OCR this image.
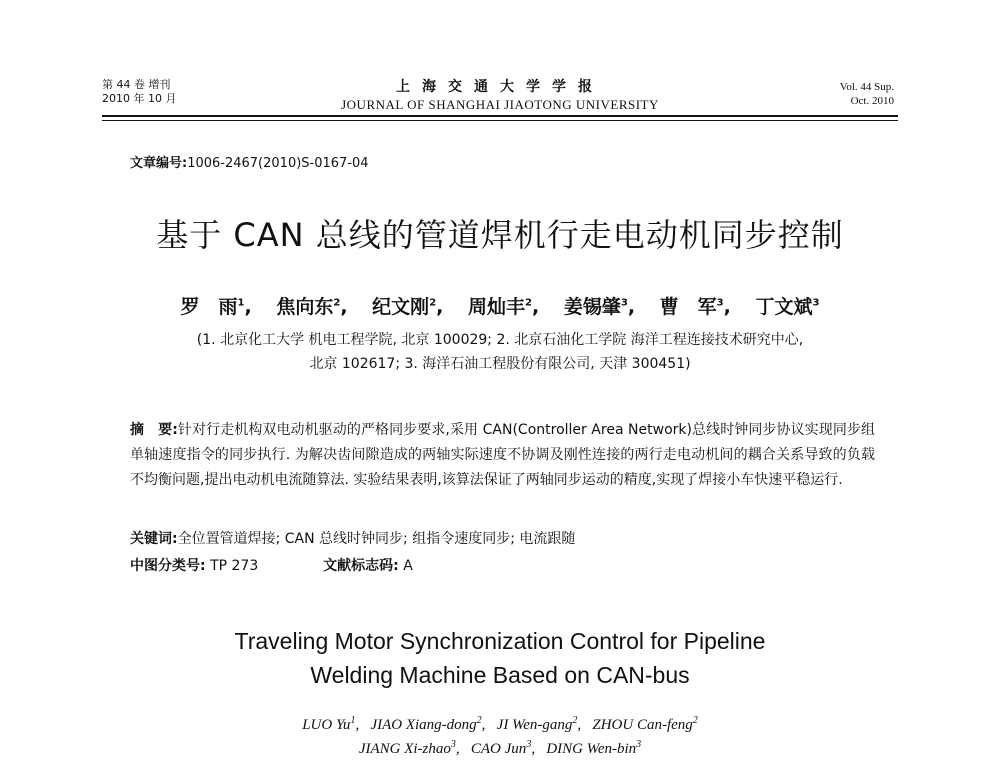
第 44 卷 增刊
2010 年 10 月
上海交通大学学报
JOURNAL OF SHANGHAI JIAOTONG UNIVERSITY
Vol. 44 Sup.
Oct. 2010
文章编号:1006-2467(2010)S-0167-04
基于 CAN 总线的管道焊机行走电动机同步控制
罗　雨$^1$, 焦向东$^2$, 纪文刚$^2$, 周灿丰$^2$, 姜锡肇$^3$, 曹　军$^3$, 丁文斌$^3$
(1. 北京化工大学 机电工程学院, 北京 100029; 2. 北京石油化工学院 海洋工程连接技术研究中心,
北京 102617; 3. 海洋石油工程股份有限公司, 天津 300451)
摘　要:针对行走机构双电动机驱动的严格同步要求,采用 CAN(Controller Area Network)总线时钟同步协议实现同步组单轴速度指令的同步执行. 为解决齿间隙造成的两轴实际速度不协调及刚性连接的两行走电动机间的耦合关系导致的负载不均衡问题,提出电动机电流随算法. 实验结果表明,该算法保证了两轴同步运动的精度,实现了焊接小车快速平稳运行.
关键词:全位置管道焊接; CAN 总线时钟同步; 组指令速度同步; 电流跟随
中图分类号: TP 273	文献标志码: A
Traveling Motor Synchronization Control for Pipeline
Welding Machine Based on CAN-bus
LUO Yu$^1$, JIAO Xiang-dong$^2$, JI Wen-gang$^2$, ZHOU Can-feng$^2$
JIANG Xi-zhao$^3$, CAO Jun$^3$, DING Wen-bin$^3$
